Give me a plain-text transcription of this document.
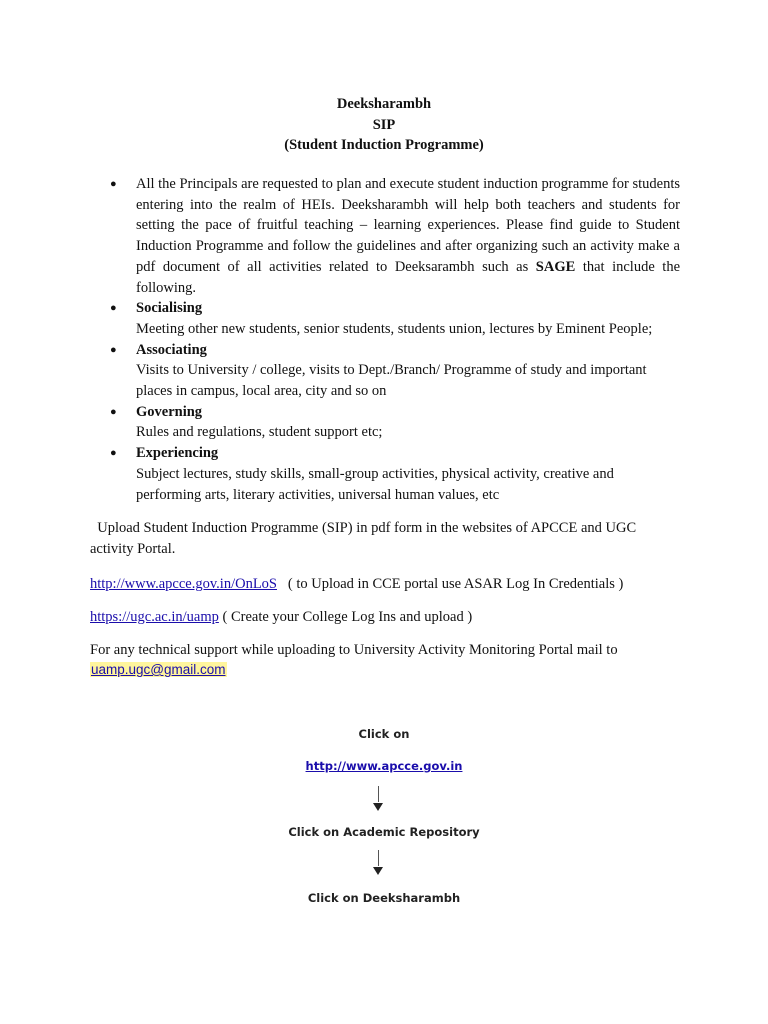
Deeksharambh
SIP
(Student Induction Programme)
●	All the Principals are requested to plan and execute student induction programme for students entering into the realm of HEIs. Deeksharambh will help both teachers and students for setting the pace of fruitful teaching – learning experiences. Please find guide to Student Induction Programme and follow the guidelines and after organizing such an activity make a pdf document of all activities related to Deeksarambh such as SAGE that include the following.
●	Socialising
Meeting other new students, senior students, students union, lectures by Eminent People;
●	Associating
Visits to University / college, visits to Dept./Branch/ Programme of study and important places in campus, local area, city and so on
●	Governing
Rules and regulations, student support etc;
●	Experiencing
Subject lectures, study skills, small-group activities, physical activity, creative and performing arts, literary activities, universal human values, etc
Upload Student Induction Programme (SIP) in pdf form in the websites of APCCE and UGC activity Portal.
http://www.apcce.gov.in/OnLoS   ( to Upload in CCE portal use ASAR Log In Credentials )
https://ugc.ac.in/uamp ( Create your College Log Ins and upload )
For any technical support while uploading to University Activity Monitoring Portal mail to
uamp.ugc@gmail.com
Click on
http://www.apcce.gov.in
Click on Academic Repository
Click on Deeksharambh
